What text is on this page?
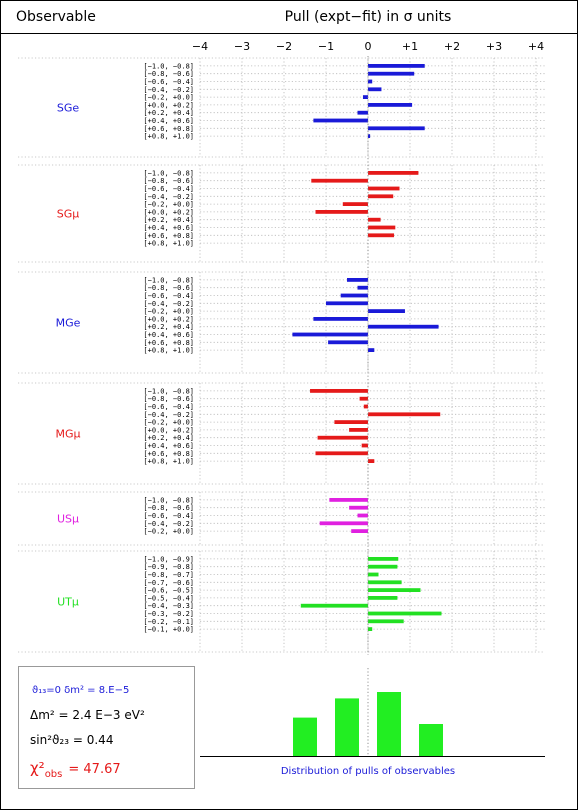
Observable	Pull (expt−fit) in σ units
−4 −3 −2 −1	0	+1 +2 +3 +4
[−1.0, −0.8]
[−0.8, −0.6]
[−0.6, −0.4]
[−0.4, −0.2]
[−0.2, +0.0]
[+0.0, +0.2]
[+0.2, +0.4]
[+0.4, +0.6]
[+0.6, +0.8]
[+0.8, +1.0]
SGe
[−1.0, −0.8]
[−0.8, −0.6]
[−0.6, −0.4]
[−0.4, −0.2]
[−0.2, +0.0]
[+0.0, +0.2]
[+0.2, +0.4]
[+0.4, +0.6]
[+0.6, +0.8]
[+0.8, +1.0]
SGμ
[−1.0, −0.8]
[−0.8, −0.6]
[−0.6, −0.4]
[−0.4, −0.2]
[−0.2, +0.0]
[+0.0, +0.2]
[+0.2, +0.4]
[+0.4, +0.6]
[+0.6, +0.8]
[+0.8, +1.0]
MGe
[−1.0, −0.8]
[−0.8, −0.6]
[−0.6, −0.4]
[−0.4, −0.2]
[−0.2, +0.0]
[+0.0, +0.2]
[+0.2, +0.4]
[+0.4, +0.6]
[+0.6, +0.8]
[+0.8, +1.0]
MGμ
[−1.0, −0.8]
[−0.8, −0.6]
[−0.6, −0.4]
[−0.4, −0.2]
[−0.2, +0.0]
USμ
[−1.0, −0.9]
[−0.9, −0.8]
[−0.8, −0.7]
[−0.7, −0.6]
[−0.6, −0.5]
[−0.5, −0.4]
[−0.4, −0.3]
[−0.3, −0.2]
[−0.2, −0.1]
[−0.1, +0.0]
UTμ
Distribution of pulls of observables
ϑ₁₃=0 δm² = 8.E−5
Δm² = 2.4 E−3 eV²
sin²ϑ₂₃ = 0.44
$\chi^2_{obs} = 47.67$
